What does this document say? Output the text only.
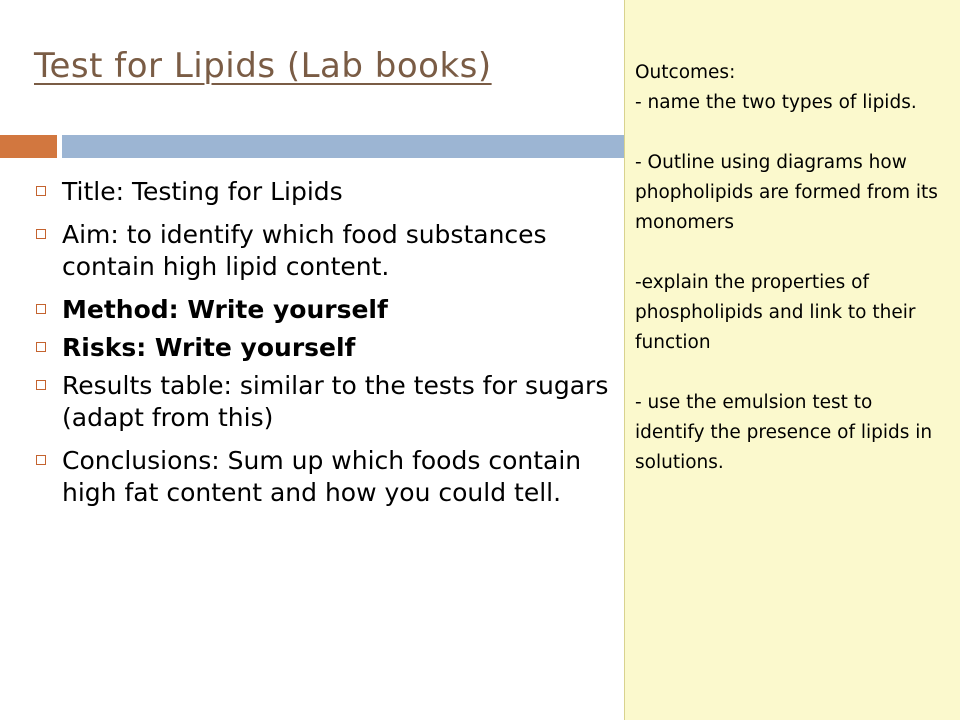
Test for Lipids (Lab books)
Title: Testing for Lipids
Aim: to identify which food substances contain high lipid content.
Method: Write yourself
Risks: Write yourself
Results table: similar to the tests for sugars (adapt from this)
Conclusions: Sum up which foods contain high fat content and how you could tell.

Outcomes:

- name the two types of lipids.

- Outline using diagrams how phopholipids are formed from its monomers

-explain the properties of phospholipids and link to their function

- use the emulsion test to identify the presence of lipids in solutions.
